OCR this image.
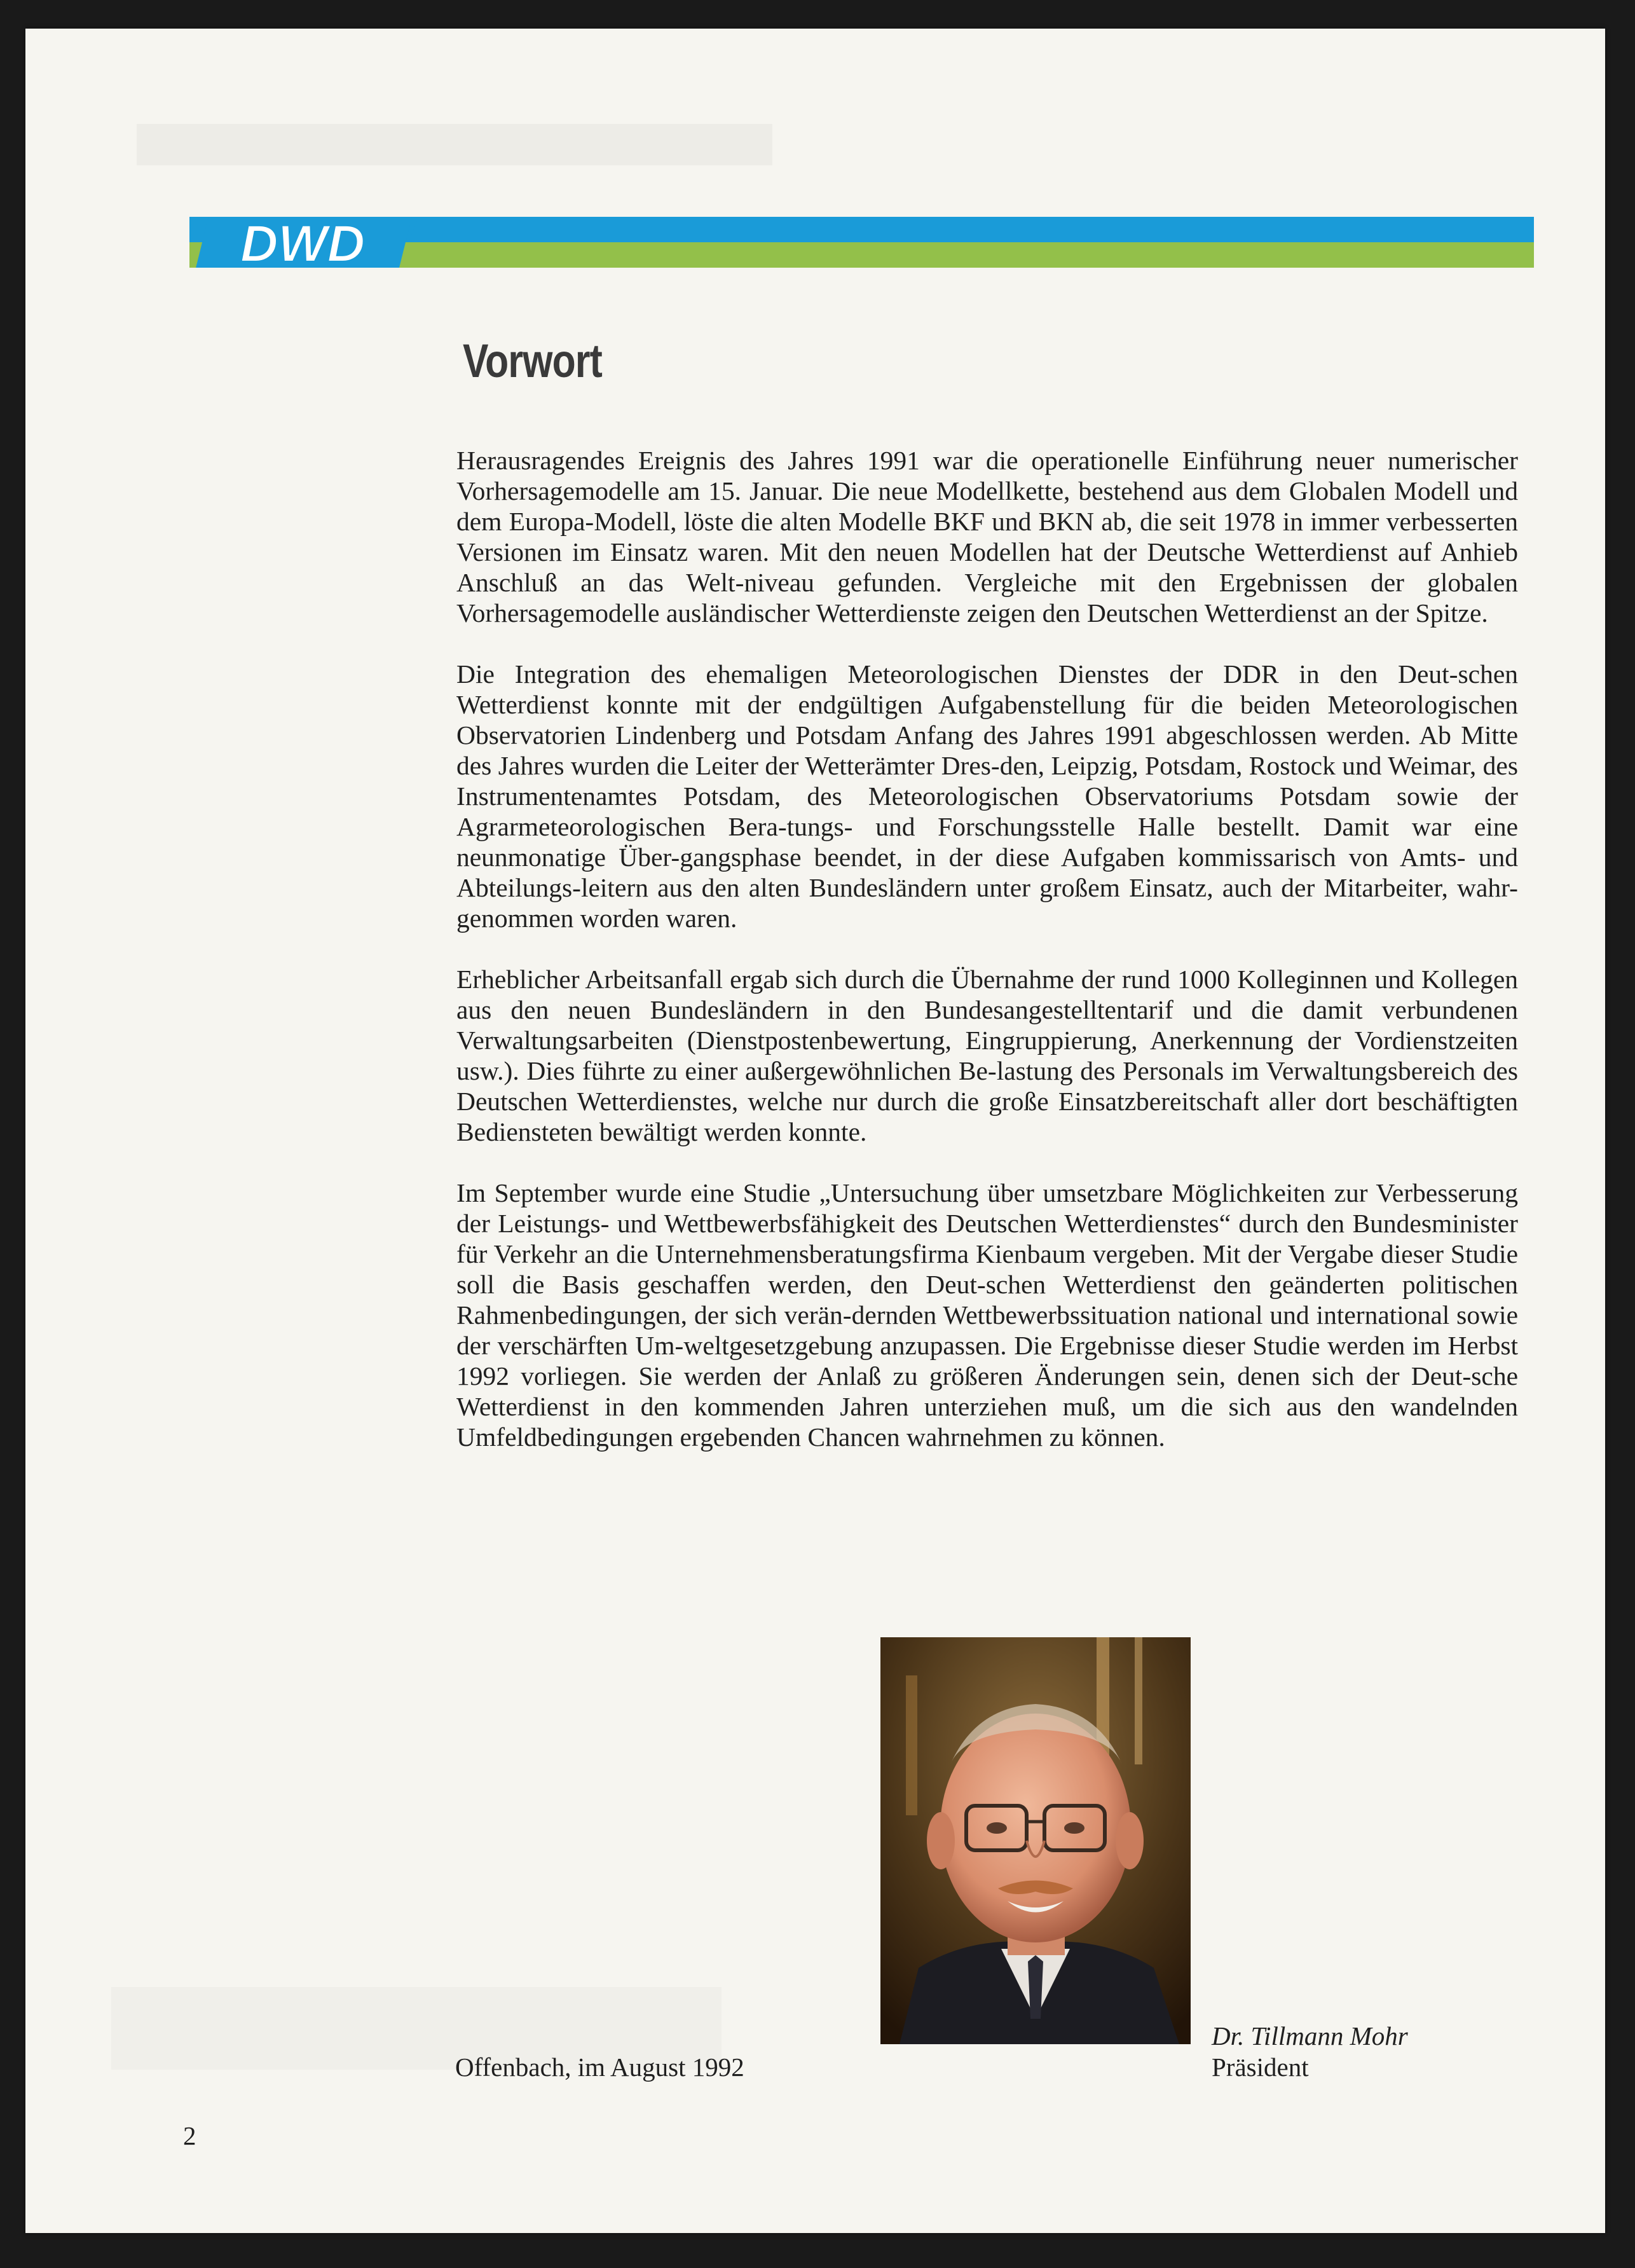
DWD
Vorwort

Herausragendes Ereignis des Jahres 1991 war die operationelle Einführung neuer numerischer Vorhersagemodelle am 15. Januar. Die neue Modellkette, bestehend aus dem Globalen Modell und dem Europa-Modell, löste die alten Modelle BKF und BKN ab, die seit 1978 in immer verbesserten Versionen im Einsatz waren. Mit den neuen Modellen hat der Deutsche Wetterdienst auf Anhieb Anschluß an das Welt-niveau gefunden. Vergleiche mit den Ergebnissen der globalen Vorhersagemodelle ausländischer Wetterdienste zeigen den Deutschen Wetterdienst an der Spitze.

Die Integration des ehemaligen Meteorologischen Dienstes der DDR in den Deut-schen Wetterdienst konnte mit der endgültigen Aufgabenstellung für die beiden Meteorologischen Observatorien Lindenberg und Potsdam Anfang des Jahres 1991 abgeschlossen werden. Ab Mitte des Jahres wurden die Leiter der Wetterämter Dres-den, Leipzig, Potsdam, Rostock und Weimar, des Instrumentenamtes Potsdam, des Meteorologischen Observatoriums Potsdam sowie der Agrarmeteorologischen Bera-tungs- und Forschungsstelle Halle bestellt. Damit war eine neunmonatige Über-gangsphase beendet, in der diese Aufgaben kommissarisch von Amts- und Abteilungs-leitern aus den alten Bundesländern unter großem Einsatz, auch der Mitarbeiter, wahr-genommen worden waren.

Erheblicher Arbeitsanfall ergab sich durch die Übernahme der rund 1000 Kolleginnen und Kollegen aus den neuen Bundesländern in den Bundesangestelltentarif und die damit verbundenen Verwaltungsarbeiten (Dienstpostenbewertung, Eingruppierung, Anerkennung der Vordienstzeiten usw.). Dies führte zu einer außergewöhnlichen Be-lastung des Personals im Verwaltungsbereich des Deutschen Wetterdienstes, welche nur durch die große Einsatzbereitschaft aller dort beschäftigten Bediensteten bewältigt werden konnte.

Im September wurde eine Studie „Untersuchung über umsetzbare Möglichkeiten zur Verbesserung der Leistungs- und Wettbewerbsfähigkeit des Deutschen Wetterdienstes“ durch den Bundesminister für Verkehr an die Unternehmensberatungsfirma Kienbaum vergeben. Mit der Vergabe dieser Studie soll die Basis geschaffen werden, den Deut-schen Wetterdienst den geänderten politischen Rahmenbedingungen, der sich verän-dernden Wettbewerbssituation national und international sowie der verschärften Um-weltgesetzgebung anzupassen. Die Ergebnisse dieser Studie werden im Herbst 1992 vorliegen. Sie werden der Anlaß zu größeren Änderungen sein, denen sich der Deut-sche Wetterdienst in den kommenden Jahren unterziehen muß, um die sich aus den wandelnden Umfeldbedingungen ergebenden Chancen wahrnehmen zu können.

Offenbach, im August 1992
Dr. Tillmann Mohr
Präsident
2
